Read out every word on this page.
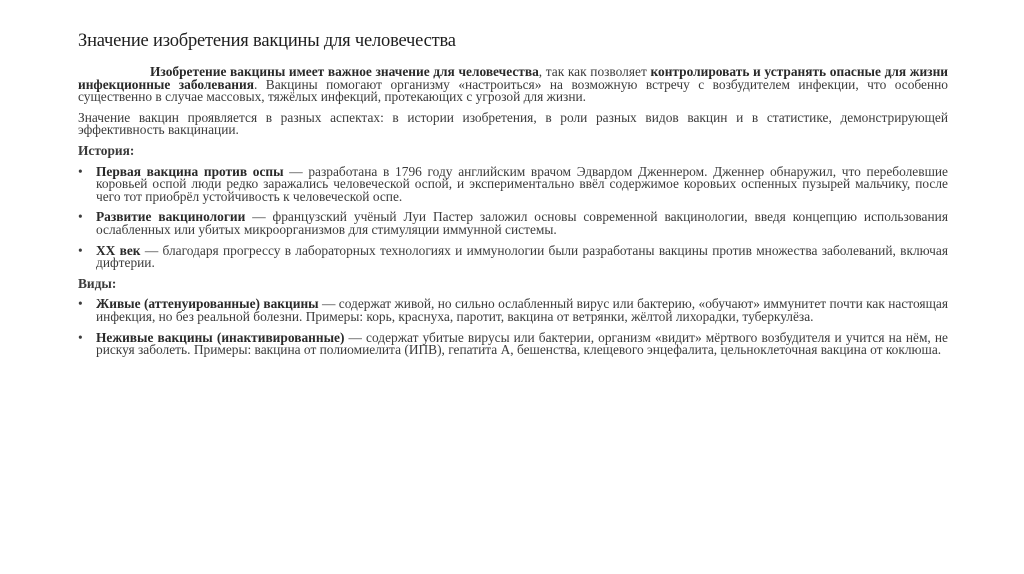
Значение изобретения вакцины для человечества

Изобретение вакцины имеет важное значение для человечества, так как позволяет контролировать и устранять опасные для жизни инфекционные заболевания. Вакцины помогают организму «настроиться» на возможную встречу с возбудителем инфекции, что особенно существенно в случае массовых, тяжёлых инфекций, протекающих с угрозой для жизни.

Значение вакцин проявляется в разных аспектах: в истории изобретения, в роли разных видов вакцин и в статистике, демонстрирующей эффективность вакцинации.

История:

• Первая вакцина против оспы — разработана в 1796 году английским врачом Эдвардом Дженнером. Дженнер обнаружил, что переболевшие коровьей оспой люди редко заражались человеческой оспой, и экспериментально ввёл содержимое коровьих оспенных пузырей мальчику, после чего тот приобрёл устойчивость к человеческой оспе.
• Развитие вакцинологии — французский учёный Луи Пастер заложил основы современной вакцинологии, введя концепцию использования ослабленных или убитых микроорганизмов для стимуляции иммунной системы.
• XX век — благодаря прогрессу в лабораторных технологиях и иммунологии были разработаны вакцины против множества заболеваний, включая дифтерии.

Виды:

• Живые (аттенуированные) вакцины — содержат живой, но сильно ослабленный вирус или бактерию, «обучают» иммунитет почти как настоящая инфекция, но без реальной болезни. Примеры: корь, краснуха, паротит, вакцина от ветрянки, жёлтой лихорадки, туберкулёза.
• Неживые вакцины (инактивированные) — содержат убитые вирусы или бактерии, организм «видит» мёртвого возбудителя и учится на нём, не рискуя заболеть. Примеры: вакцина от полиомиелита (ИПВ), гепатита А, бешенства, клещевого энцефалита, цельноклеточная вакцина от коклюша.
